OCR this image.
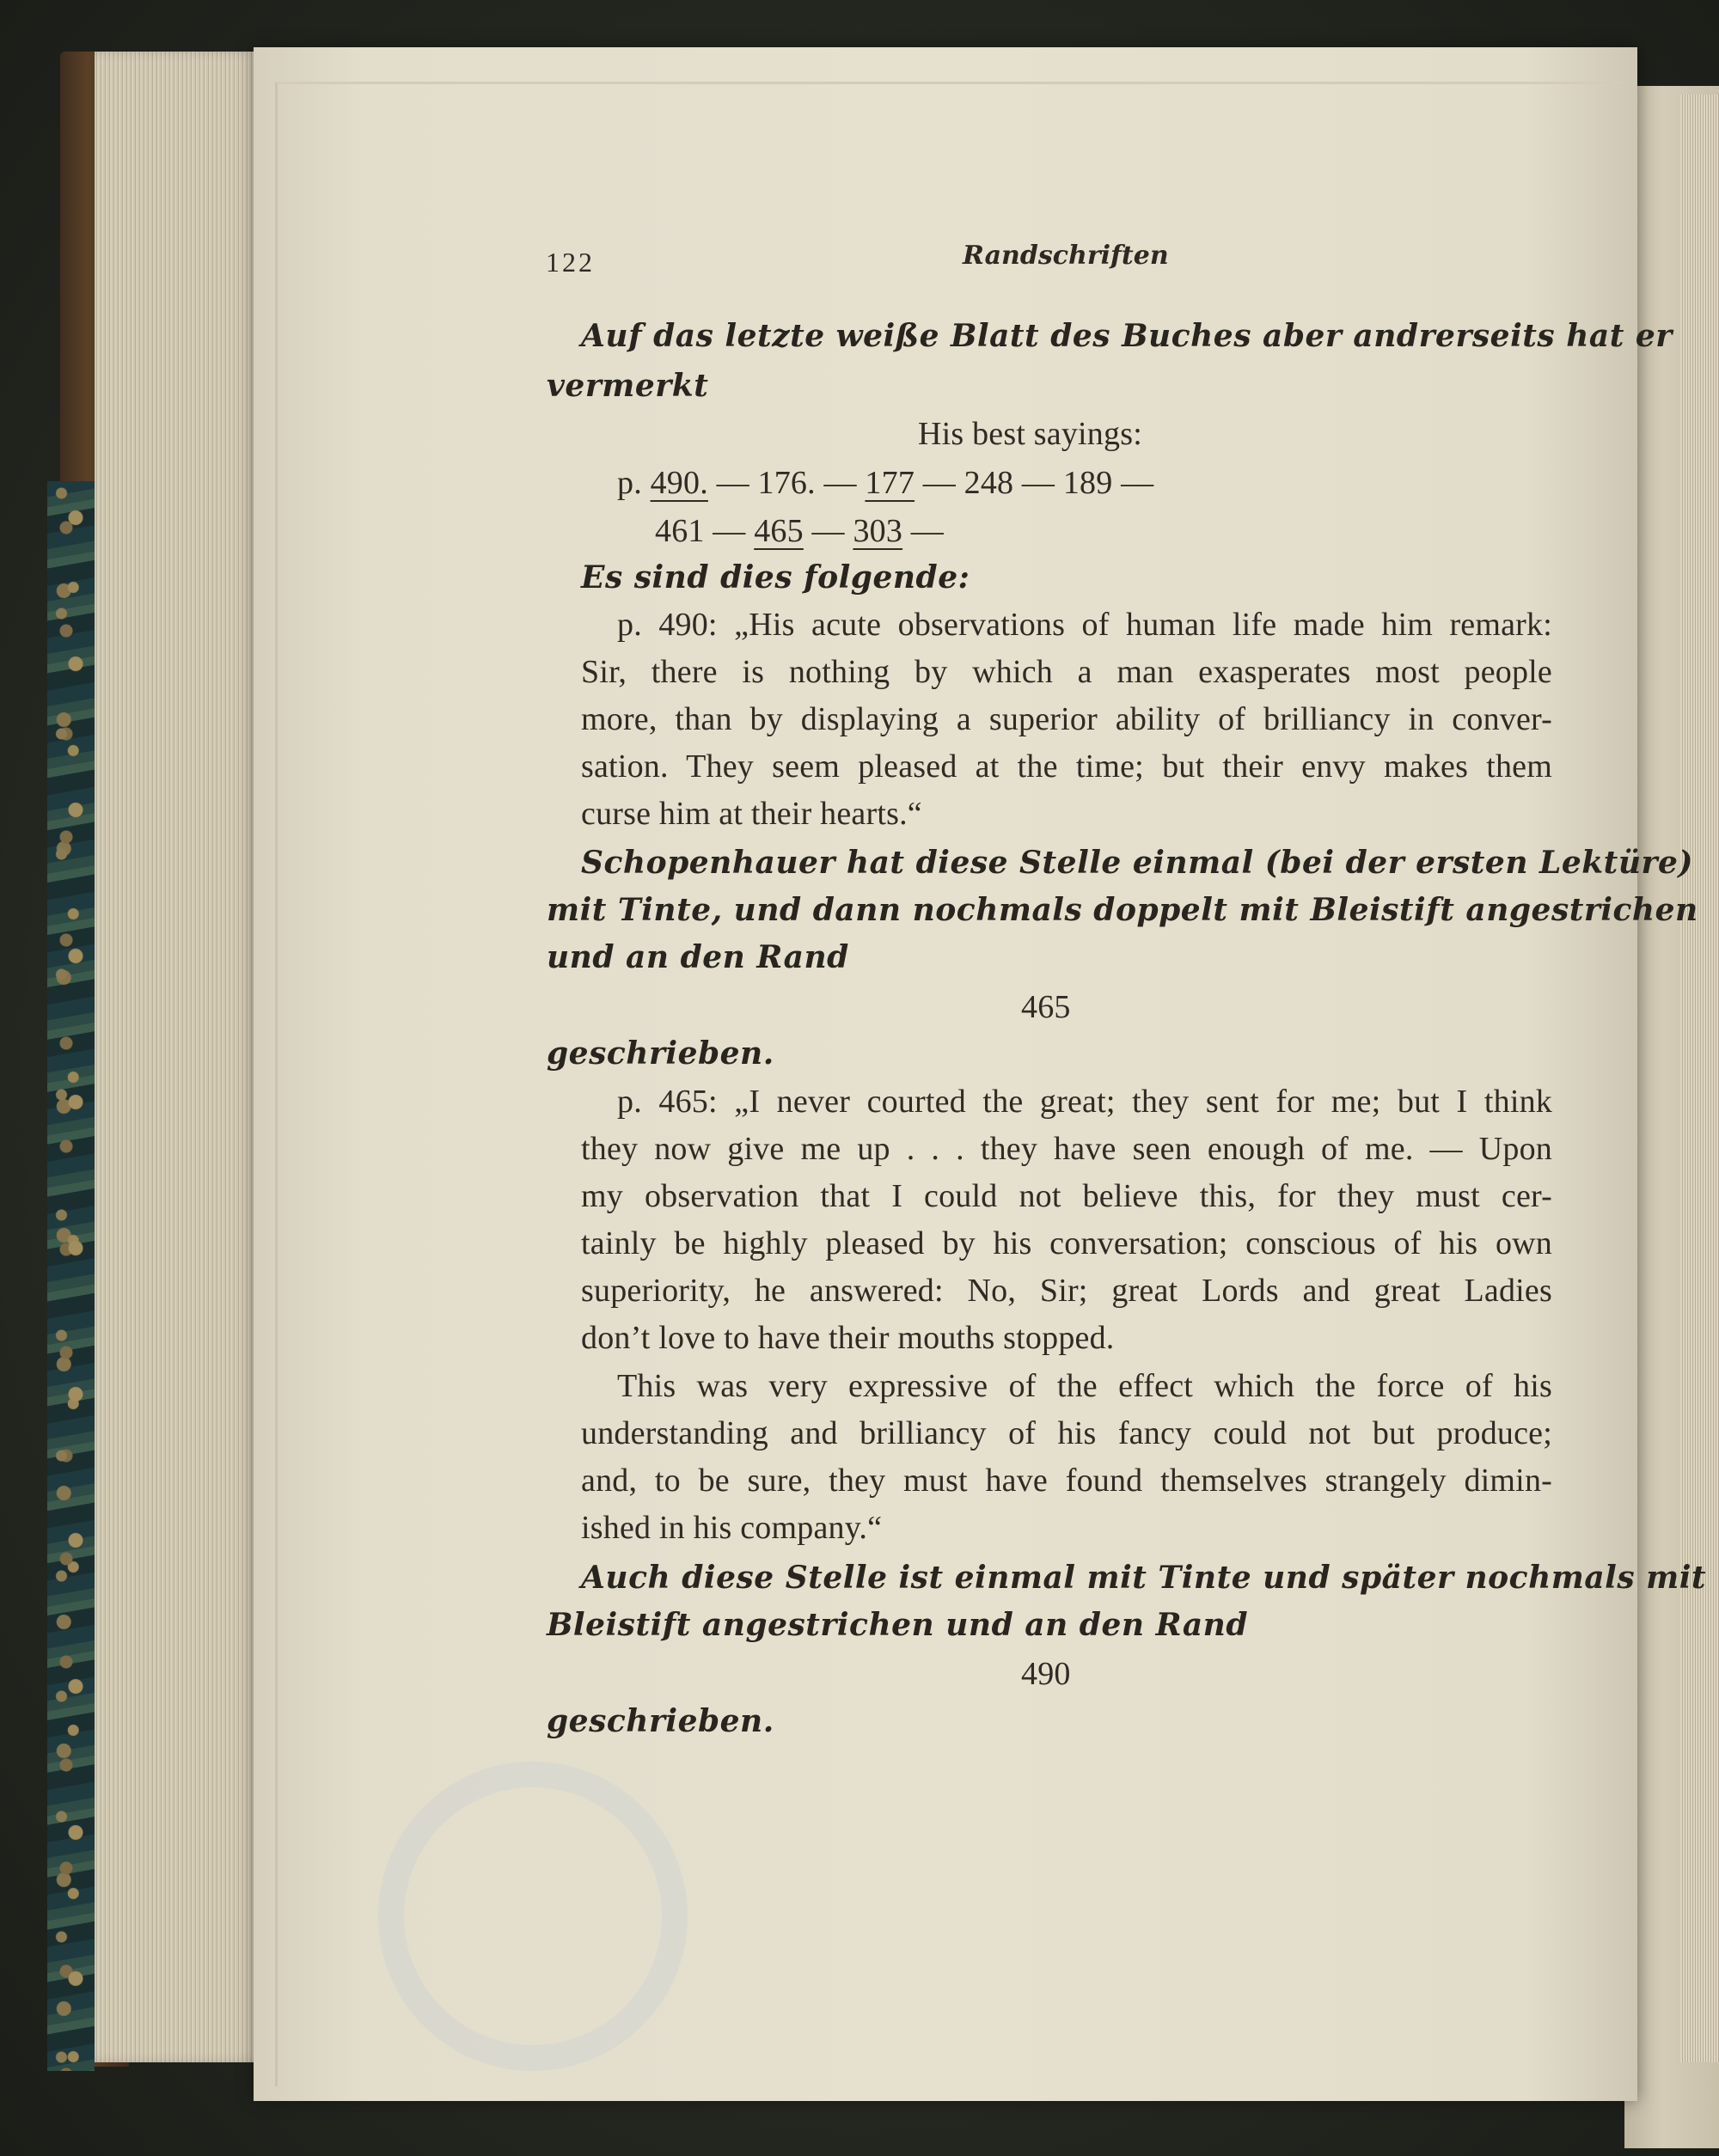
122	Randschriften
Auf das letzte weiße Blatt des Buches aber andrerseits hat er
vermerkt
His best sayings:
p. 490. — 176. — 177 — 248 — 189 —
461 — 465 — 303 —
Es sind dies folgende:
p. 490: „His acute observations of human life made him remark:
Sir, there is nothing by which a man exasperates most people
more, than by displaying a superior ability of brilliancy in conver-
sation. They seem pleased at the time; but their envy makes them
curse him at their hearts.“
Schopenhauer hat diese Stelle einmal (bei der ersten Lektüre)
mit Tinte, und dann nochmals doppelt mit Bleistift angestrichen
und an den Rand
465
geschrieben.
p. 465: „I never courted the great; they sent for me; but I think
they now give me up . . . they have seen enough of me. — Upon
my observation that I could not believe this, for they must cer-
tainly be highly pleased by his conversation; conscious of his own
superiority, he answered: No, Sir; great Lords and great Ladies
don’t love to have their mouths stopped.
This was very expressive of the effect which the force of his
understanding and brilliancy of his fancy could not but produce;
and, to be sure, they must have found themselves strangely dimin-
ished in his company.“
Auch diese Stelle ist einmal mit Tinte und später nochmals mit
Bleistift angestrichen und an den Rand
490
geschrieben.
